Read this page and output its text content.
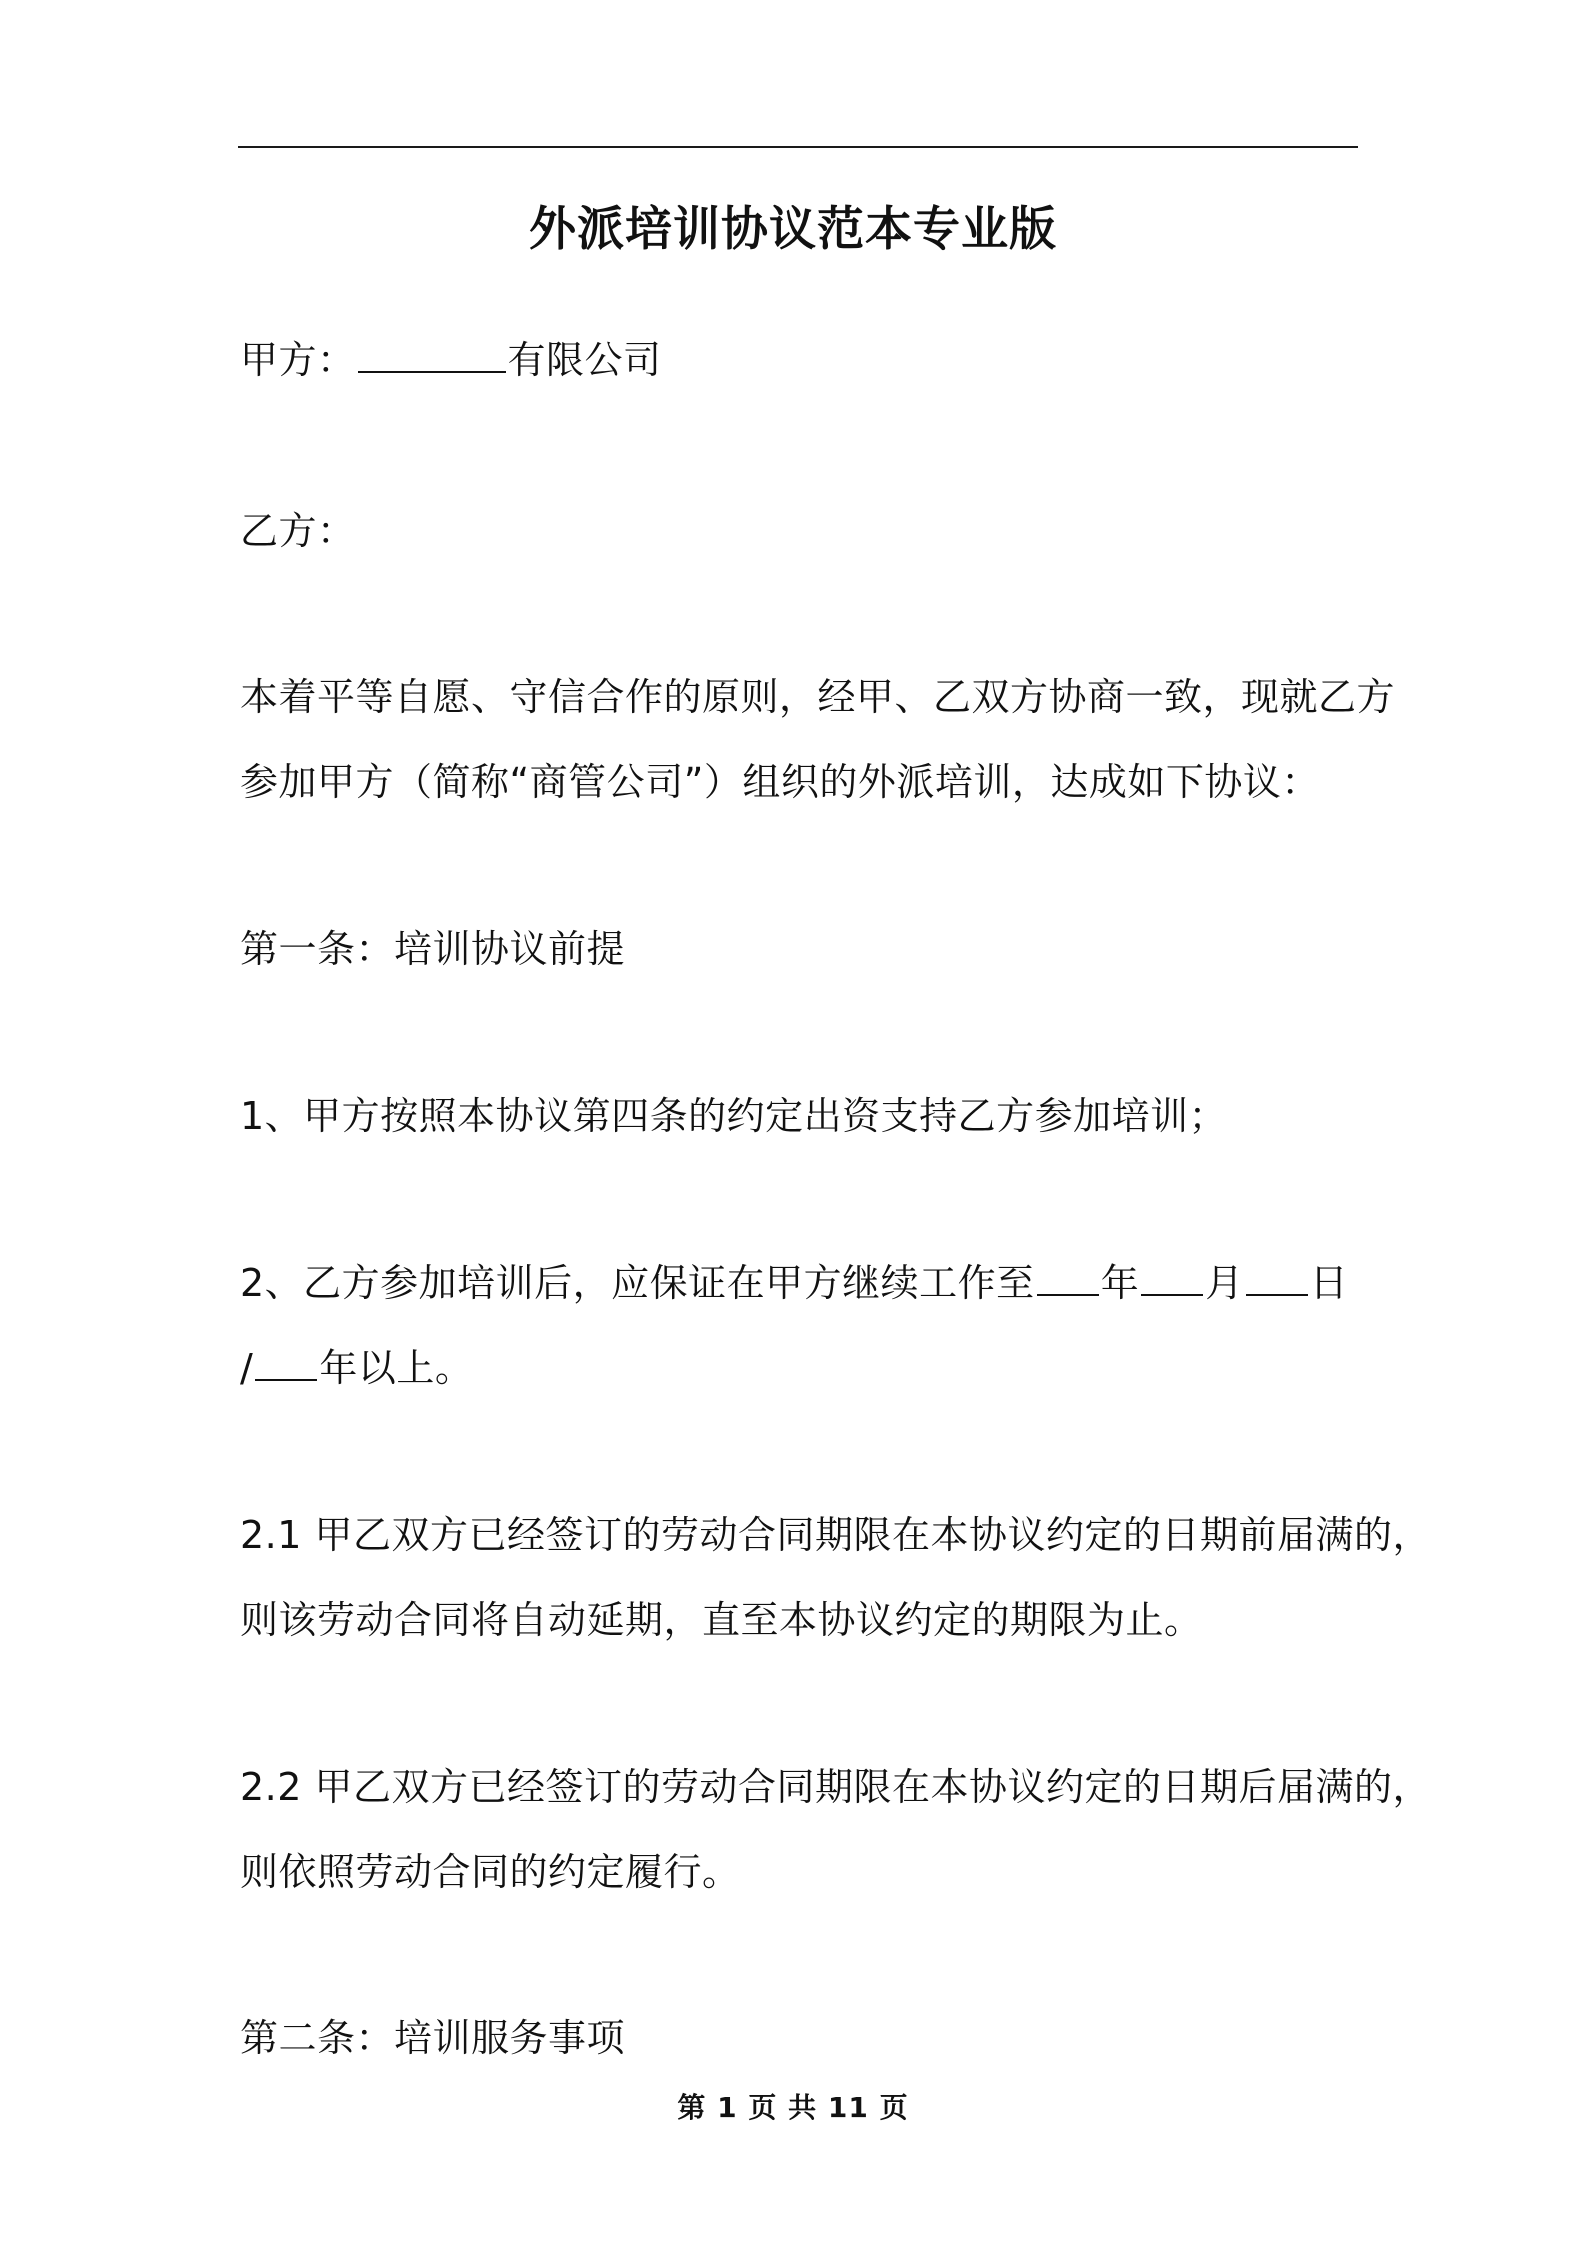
外派培训协议范本专业版
甲方：	有限公司
乙方：
本着平等自愿、守信合作的原则，经甲、乙双方协商一致，现就乙方
参加甲方（简称“商管公司”）组织的外派培训，达成如下协议：
第一条：培训协议前提
1、甲方按照本协议第四条的约定出资支持乙方参加培训；
2、乙方参加培训后，应保证在甲方继续工作至 年 月 日
/ 年以上。
2.1 甲乙双方已经签订的劳动合同期限在本协议约定的日期前届满的，
则该劳动合同将自动延期，直至本协议约定的期限为止。
2.2 甲乙双方已经签订的劳动合同期限在本协议约定的日期后届满的，
则依照劳动合同的约定履行。
第二条：培训服务事项
第 1 页 共 11 页
